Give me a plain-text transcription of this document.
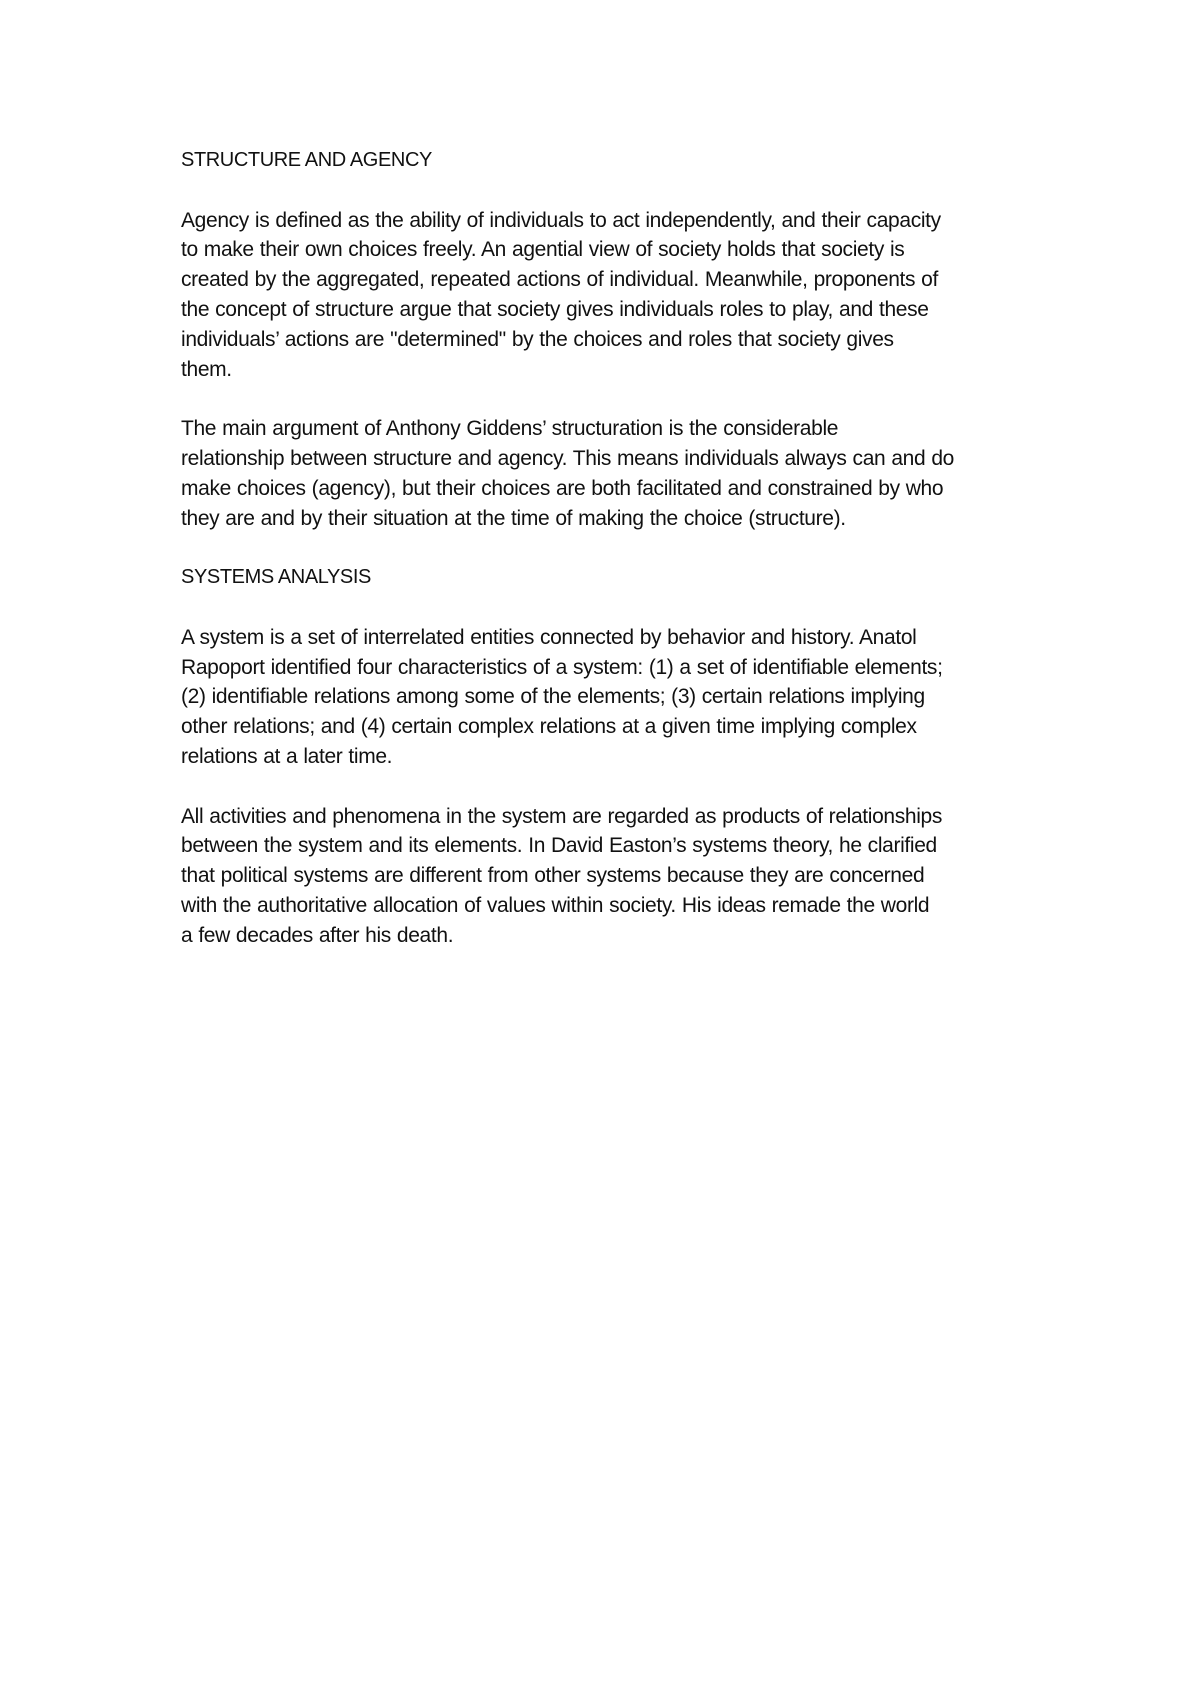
STRUCTURE AND AGENCY

Agency is defined as the ability of individuals to act independently, and their capacity
to make their own choices freely. An agential view of society holds that society is
created by the aggregated, repeated actions of individual. Meanwhile, proponents of
the concept of structure argue that society gives individuals roles to play, and these
individuals’ actions are "determined" by the choices and roles that society gives
them.

The main argument of Anthony Giddens’ structuration is the considerable
relationship between structure and agency. This means individuals always can and do
make choices (agency), but their choices are both facilitated and constrained by who
they are and by their situation at the time of making the choice (structure).

SYSTEMS ANALYSIS

A system is a set of interrelated entities connected by behavior and history. Anatol
Rapoport identified four characteristics of a system: (1) a set of identifiable elements;
(2) identifiable relations among some of the elements; (3) certain relations implying
other relations; and (4) certain complex relations at a given time implying complex
relations at a later time.

All activities and phenomena in the system are regarded as products of relationships
between the system and its elements. In David Easton’s systems theory, he clarified
that political systems are different from other systems because they are concerned
with the authoritative allocation of values within society. His ideas remade the world
a few decades after his death.
